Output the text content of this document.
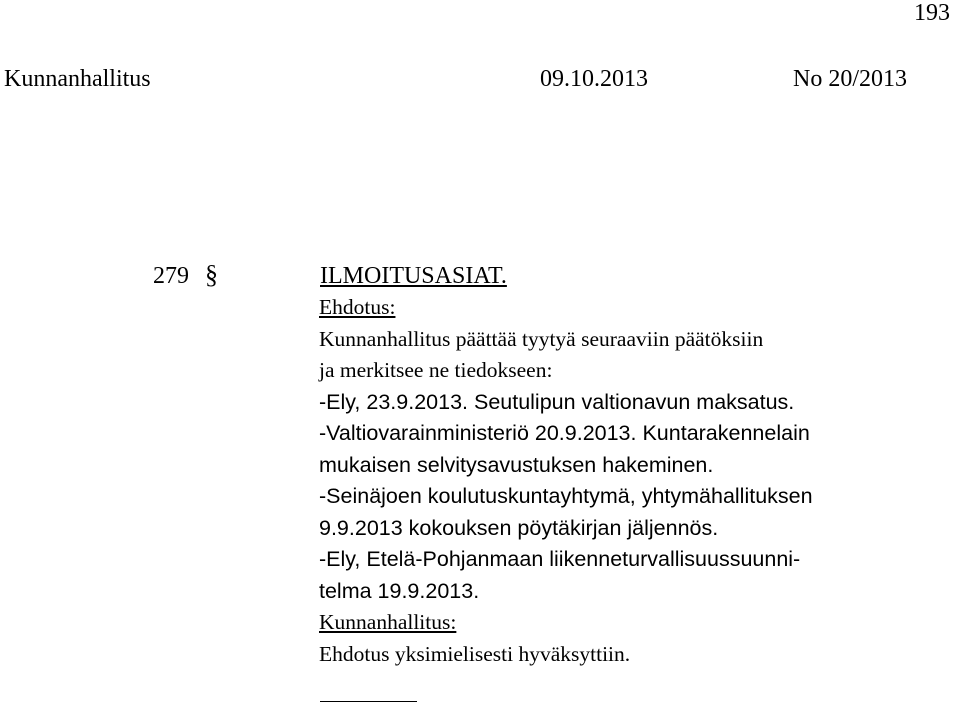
193
Kunnanhallitus	09.10.2013	No 20/2013
279 §	ILMOITUSASIAT.
Ehdotus:
Kunnanhallitus päättää tyytyä seuraaviin päätöksiin
ja merkitsee ne tiedokseen:
-Ely, 23.9.2013. Seutulipun valtionavun maksatus.
-Valtiovarainministeriö 20.9.2013. Kuntarakennelain
mukaisen selvitysavustuksen hakeminen.
-Seinäjoen koulutuskuntayhtymä, yhtymähallituksen
9.9.2013 kokouksen pöytäkirjan jäljennös.
-Ely, Etelä-Pohjanmaan liikenneturvallisuussuunni-
telma 19.9.2013.
Kunnanhallitus:
Ehdotus yksimielisesti hyväksyttiin.
